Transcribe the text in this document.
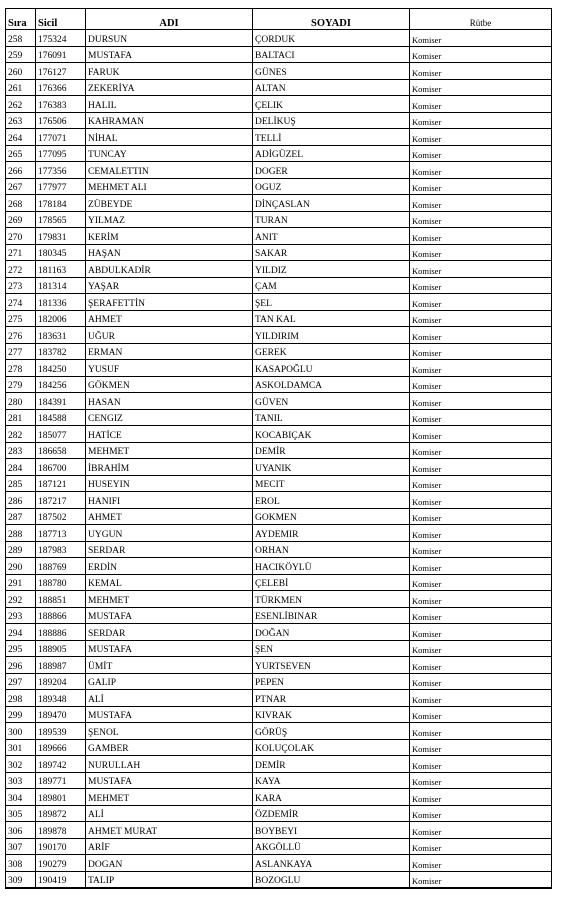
Sıra	Sicil	ADI	SOYADI	Rütbe
258	175324	DURSUN	ÇORDUK	Komiser
259	176091	MUSTAFA	BALTACI	Komiser
260	176127	FARUK	GÜNES	Komiser
261	176366	ZEKERİYA	ALTAN	Komiser
262	176383	HALIL	ÇELIK	Komiser
263	176506	KAHRAMAN	DELİKUŞ	Komiser
264	177071	NİHAL	TELLİ	Komiser
265	177095	TUNCAY	ADİGÜZEL	Komiser
266	177356	CEMALETTIN	DOGER	Komiser
267	177977	MEHMET ALI	OGUZ	Komiser
268	178184	ZÜBEYDE	DİNÇASLAN	Komiser
269	178565	YILMAZ	TURAN	Komiser
270	179831	KERİM	ANIT	Komiser
271	180345	HAŞAN	SAKAR	Komiser
272	181163	ABDULKADİR	YILDIZ	Komiser
273	181314	YAŞAR	ÇAM	Komiser
274	181336	ŞERAFETTİN	ŞEL	Komiser
275	182006	AHMET	TAN KAL	Komiser
276	183631	UĞUR	YILDIRIM	Komiser
277	183782	ERMAN	GEREK	Komiser
278	184250	YUSUF	KASAPOĞLU	Komiser
279	184256	GÖKMEN	ASKOLDAMCA	Komiser
280	184391	HASAN	GÜVEN	Komiser
281	184588	CENGIZ	TANIL	Komiser
282	185077	HATİCE	KOCABIÇAK	Komiser
283	186658	MEHMET	DEMİR	Komiser
284	186700	İBRAHİM	UYANIK	Komiser
285	187121	HUSEYIN	MECIT	Komiser
286	187217	HANIFI	EROL	Komiser
287	187502	AHMET	GOKMEN	Komiser
288	187713	UYGUN	AYDEMIR	Komiser
289	187983	SERDAR	ORHAN	Komiser
290	188769	ERDİN	HACIKÖYLÜ	Komiser
291	188780	KEMAL	ÇELEBİ	Komiser
292	188851	MEHMET	TÜRKMEN	Komiser
293	188866	MUSTAFA	ESENLİBINAR	Komiser
294	188886	SERDAR	DOĞAN	Komiser
295	188905	MUSTAFA	ŞEN	Komiser
296	188987	ÜMİT	YURTSEVEN	Komiser
297	189204	GALIP	PEPEN	Komiser
298	189348	ALİ	PTNAR	Komiser
299	189470	MUSTAFA	KIVRAK	Komiser
300	189539	ŞENOL	GÖRÜŞ	Komiser
301	189666	GAMBER	KOLUÇOLAK	Komiser
302	189742	NURULLAH	DEMİR	Komiser
303	189771	MUSTAFA	KAYA	Komiser
304	189801	MEHMET	KARA	Komiser
305	189872	ALİ	ÖZDEMİR	Komiser
306	189878	AHMET MURAT	BOYBEYI	Komiser
307	190170	ARİF	AKGÖLLÜ	Komiser
308	190279	DOGAN	ASLANKAYA	Komiser
309	190419	TALIP	BOZOGLU	Komiser
